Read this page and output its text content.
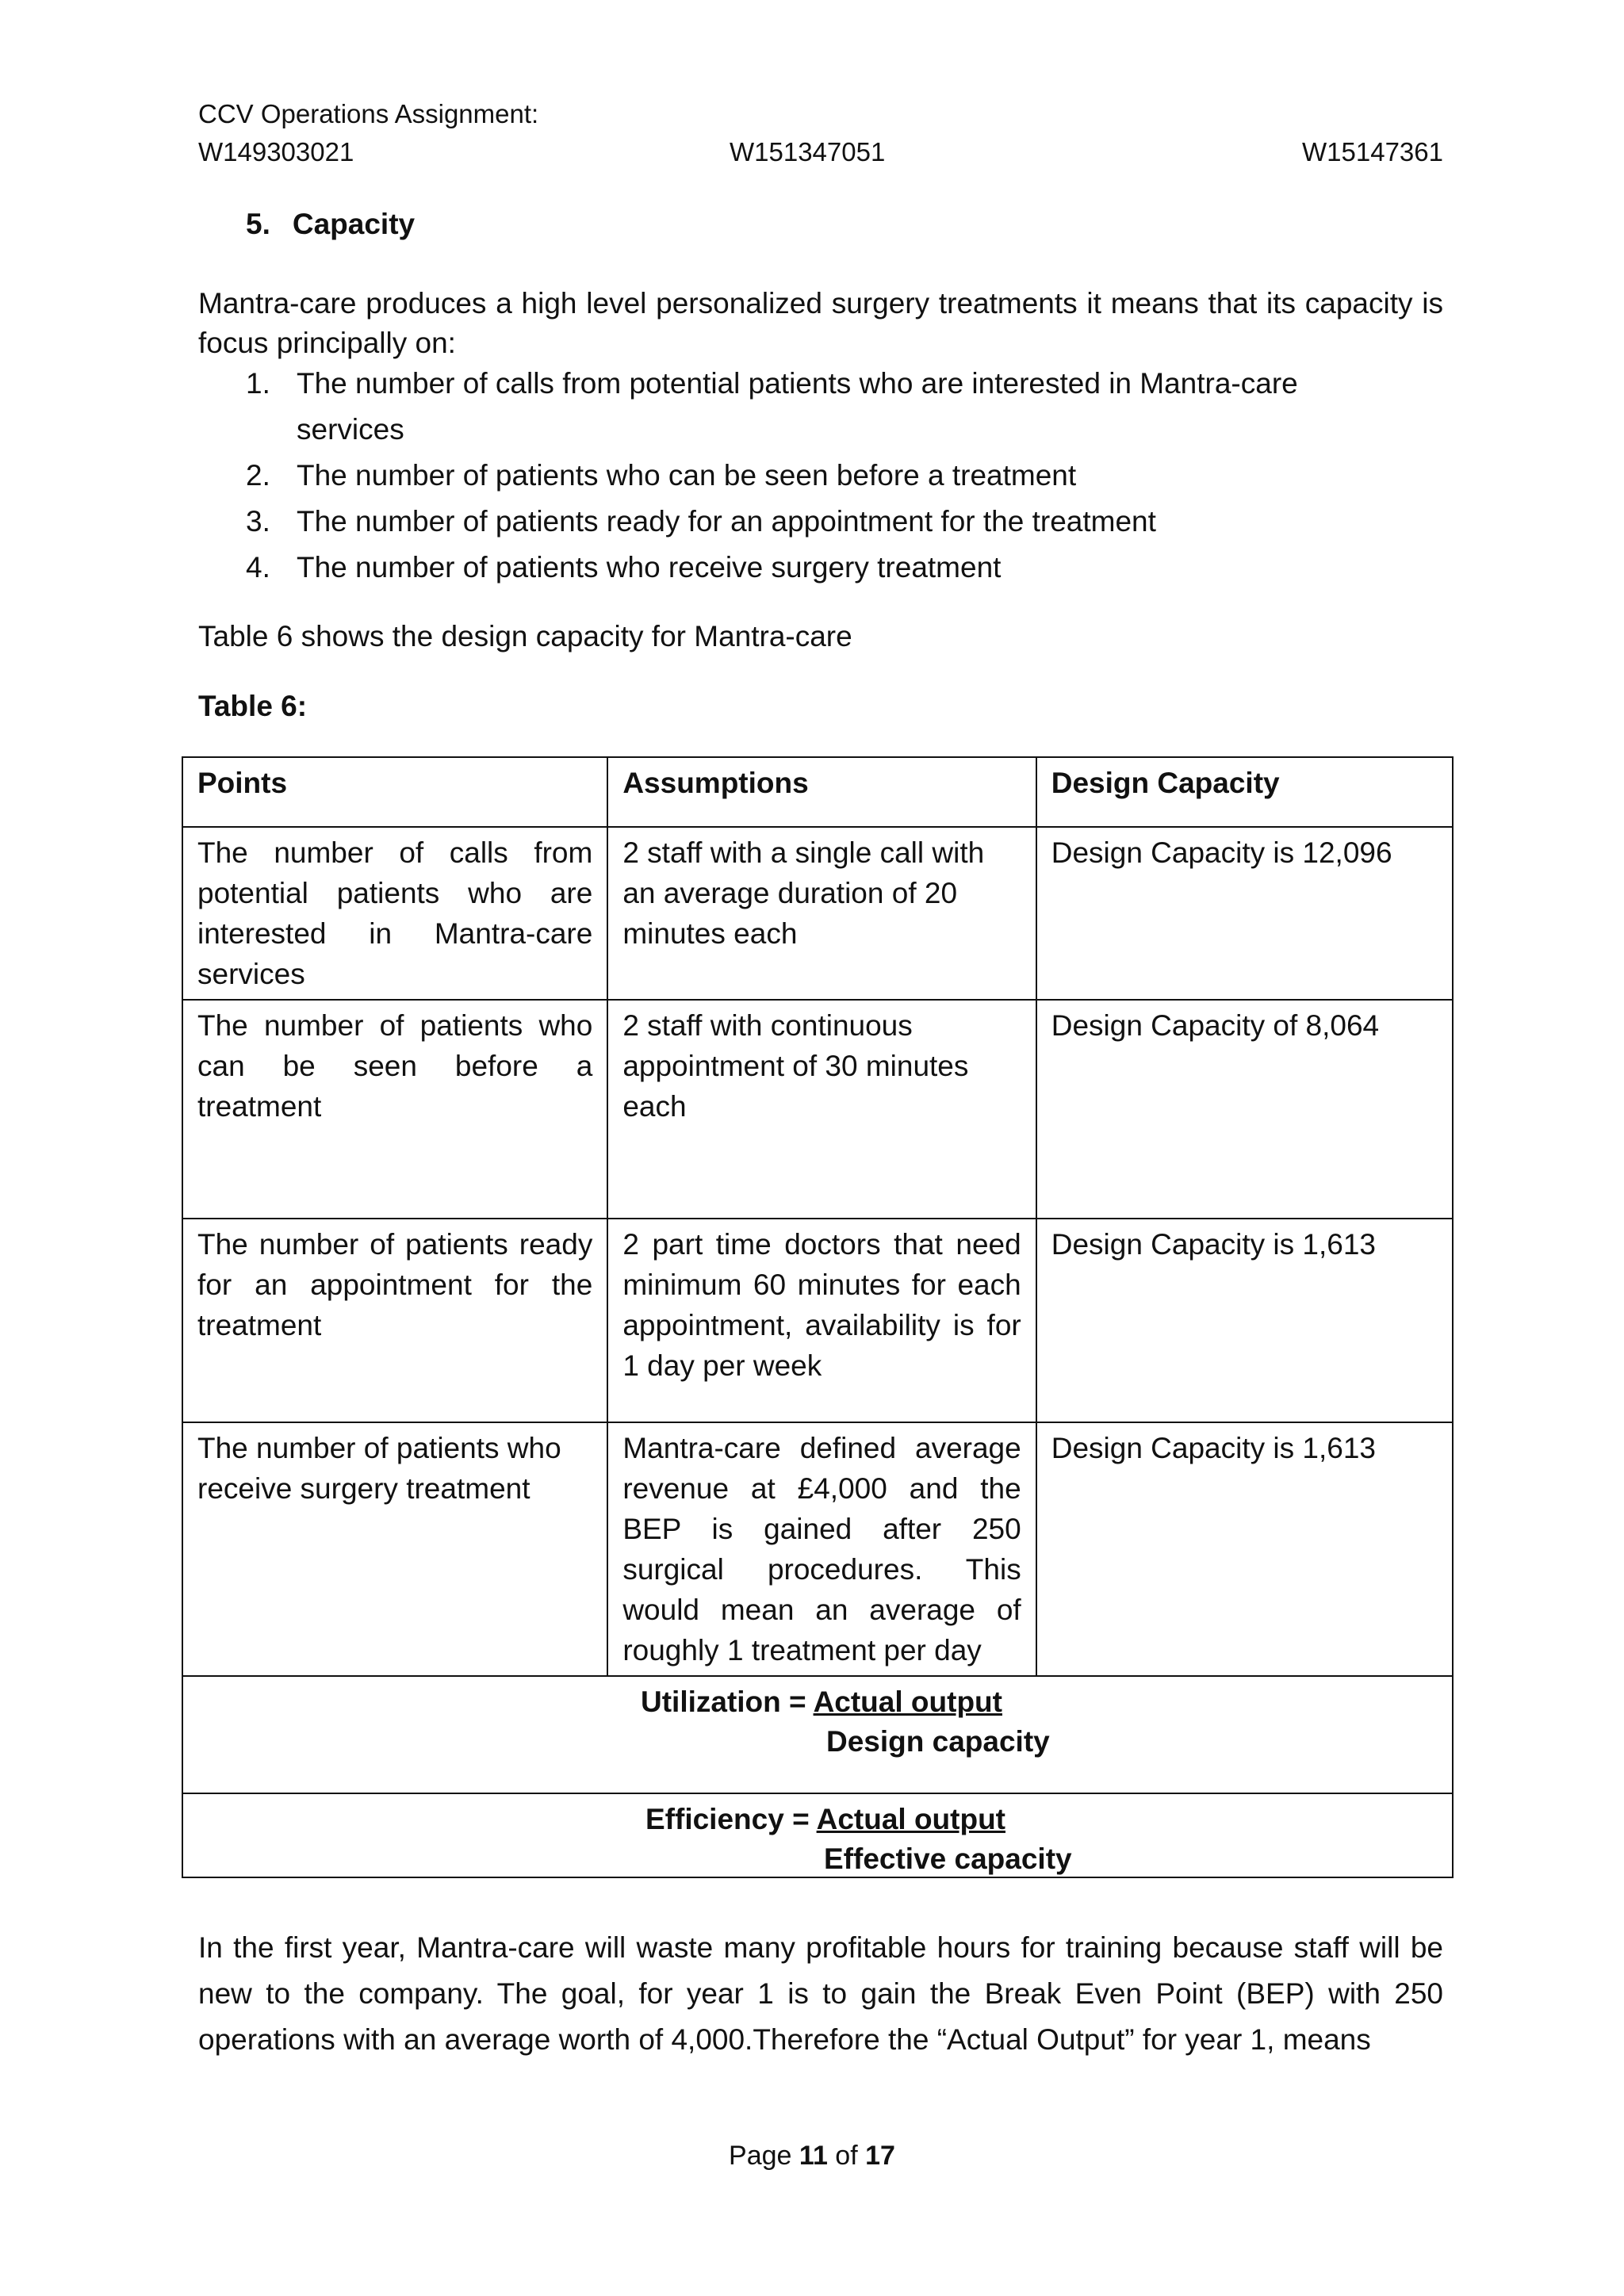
CCV Operations Assignment:
W149303021	W151347051	W15147361
5. Capacity
Mantra-care produces a high level personalized surgery treatments it means that its capacity is focus principally on:
1. The number of calls from potential patients who are interested in Mantra-care
services
2. The number of patients who can be seen before a treatment
3. The number of patients ready for an appointment for the treatment
4. The number of patients who receive surgery treatment
Table 6 shows the design capacity for Mantra-care
Table 6:
Points	Assumptions	Design Capacity
The number of calls from potential patients who are interested in Mantra-care services	2 staff with a single call with an average duration of 20 minutes each	Design Capacity is 12,096
The number of patients who can be seen before a treatment	2 staff with continuous appointment of 30 minutes each	Design Capacity of 8,064
The number of patients ready for an appointment for the treatment	2 part time doctors that need minimum 60 minutes for each appointment, availability is for 1 day per week	Design Capacity is 1,613
The number of patients who receive surgery treatment	Mantra-care defined average revenue at £4,000 and the BEP is gained after 250 surgical procedures. This would mean an average of roughly 1 treatment per day	Design Capacity is 1,613

Utilization = Actual output
Design capacity		

Efficiency = Actual output
Effective capacity		
In the first year, Mantra-care will waste many profitable hours for training because staff will be new to the company. The goal, for year 1 is to gain the Break Even Point (BEP) with 250 operations with an average worth of 4,000.Therefore the “Actual Output” for year 1, means
Page 11 of 17
